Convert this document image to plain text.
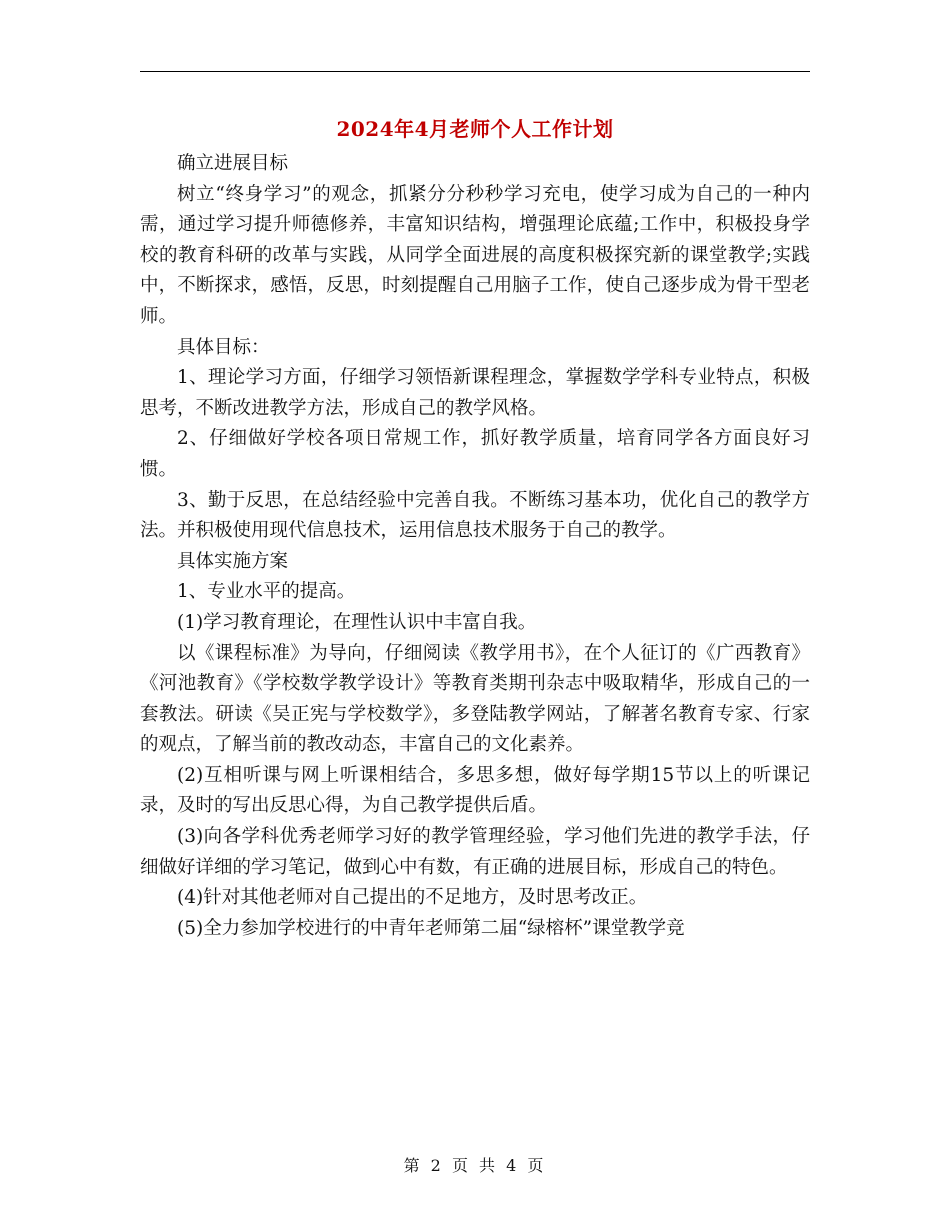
2024年4月老师个人工作计划

确立进展目标

树立“终身学习”的观念，抓紧分分秒秒学习充电，使学习成为自己的一种内需，通过学习提升师德修养，丰富知识结构，增强理论底蕴;工作中，积极投身学校的教育科研的改革与实践，从同学全面进展的高度积极探究新的课堂教学;实践中，不断探求，感悟，反思，时刻提醒自己用脑子工作，使自己逐步成为骨干型老师。

具体目标：

1、理论学习方面，仔细学习领悟新课程理念，掌握数学学科专业特点，积极思考，不断改进教学方法，形成自己的教学风格。

2、仔细做好学校各项日常规工作，抓好教学质量，培育同学各方面良好习惯。

3、勤于反思，在总结经验中完善自我。不断练习基本功，优化自己的教学方法。并积极使用现代信息技术，运用信息技术服务于自己的教学。

具体实施方案

1、专业水平的提高。

(1)学习教育理论，在理性认识中丰富自我。

以《课程标准》为导向，仔细阅读《教学用书》，在个人征订的《广西教育》《河池教育》《学校数学教学设计》等教育类期刊杂志中吸取精华，形成自己的一套教法。研读《吴正宪与学校数学》，多登陆教学网站，了解著名教育专家、行家的观点，了解当前的教改动态，丰富自己的文化素养。

(2)互相听课与网上听课相结合，多思多想，做好每学期15节以上的听课记录，及时的写出反思心得，为自己教学提供后盾。

(3)向各学科优秀老师学习好的教学管理经验，学习他们先进的教学手法，仔细做好详细的学习笔记，做到心中有数，有正确的进展目标，形成自己的特色。

(4)针对其他老师对自己提出的不足地方，及时思考改正。

(5)全力参加学校进行的中青年老师第二届“绿榕杯”课堂教学竞

第 2 页 共 4 页
